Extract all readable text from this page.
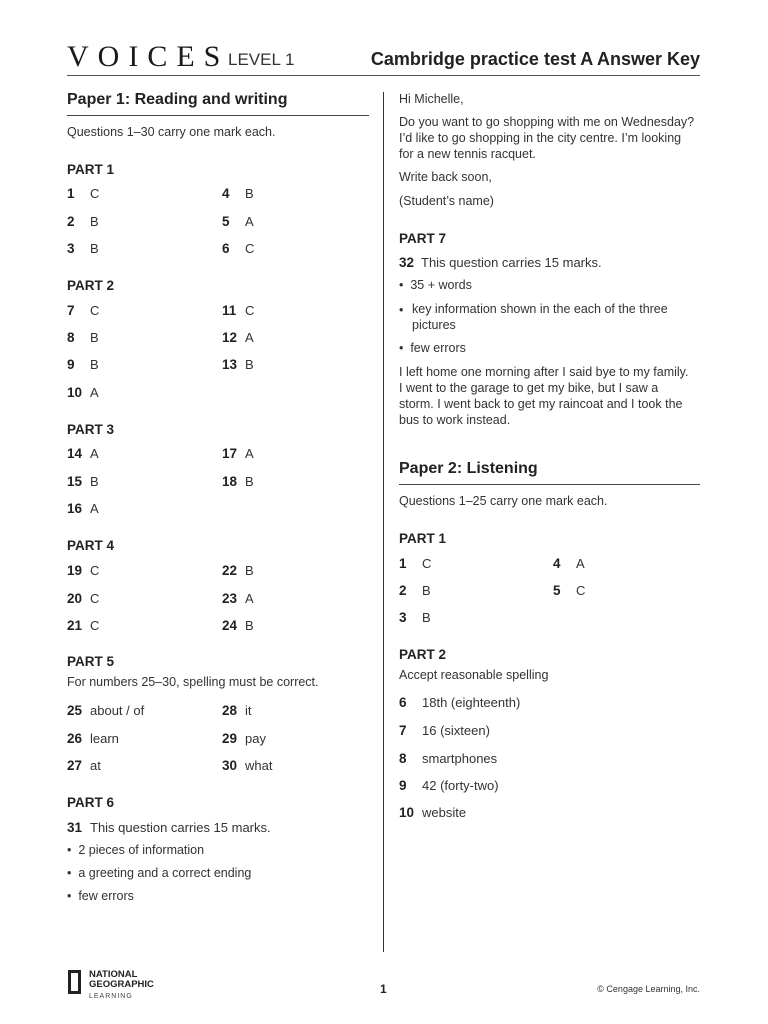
VOICES
LEVEL 1	Cambridge practice test A Answer Key
Paper 1: Reading and writing
Questions 1–30 carry one mark each.
PART 1
1 C	4 B
2 B	5 A
3 B	6 C
PART 2
7 C	11 C
8 B	12 A
9 B	13 B
10 A
PART 3
14 A	17 A
15 B	18 B
16 A
PART 4
19 C	22 B
20 C	23 A
21 C	24 B
PART 5
For numbers 25–30, spelling must be correct.
25 about / of	28 it
26 learn	29 pay
27 at	30 what
PART 6
31 This question carries 15 marks.
•  2 pieces of information
•  a greeting and a correct ending
•  few errors
Hi Michelle,
Do you want to go shopping with me on Wednesday? I’d like to go shopping in the city centre. I’m looking for a new tennis racquet.
Write back soon,
(Student’s name)
PART 7
32 This question carries 15 marks.
•  35 + words
• key information shown in the each of the three pictures
•  few errors
I left home one morning after I said bye to my family. I went to the garage to get my bike, but I saw a storm. I went back to get my raincoat and I took the bus to work instead.
Paper 2: Listening
Questions 1–25 carry one mark each.
PART 1
1 C	4 A
2 B	5 C
3 B
PART 2
Accept reasonable spelling
6 18th (eighteenth)
7 16 (sixteen)
8 smartphones
9 42 (forty-two)
10 website
NATIONAL
GEOGRAPHIC
LEARNING
1	© Cengage Learning, Inc.
